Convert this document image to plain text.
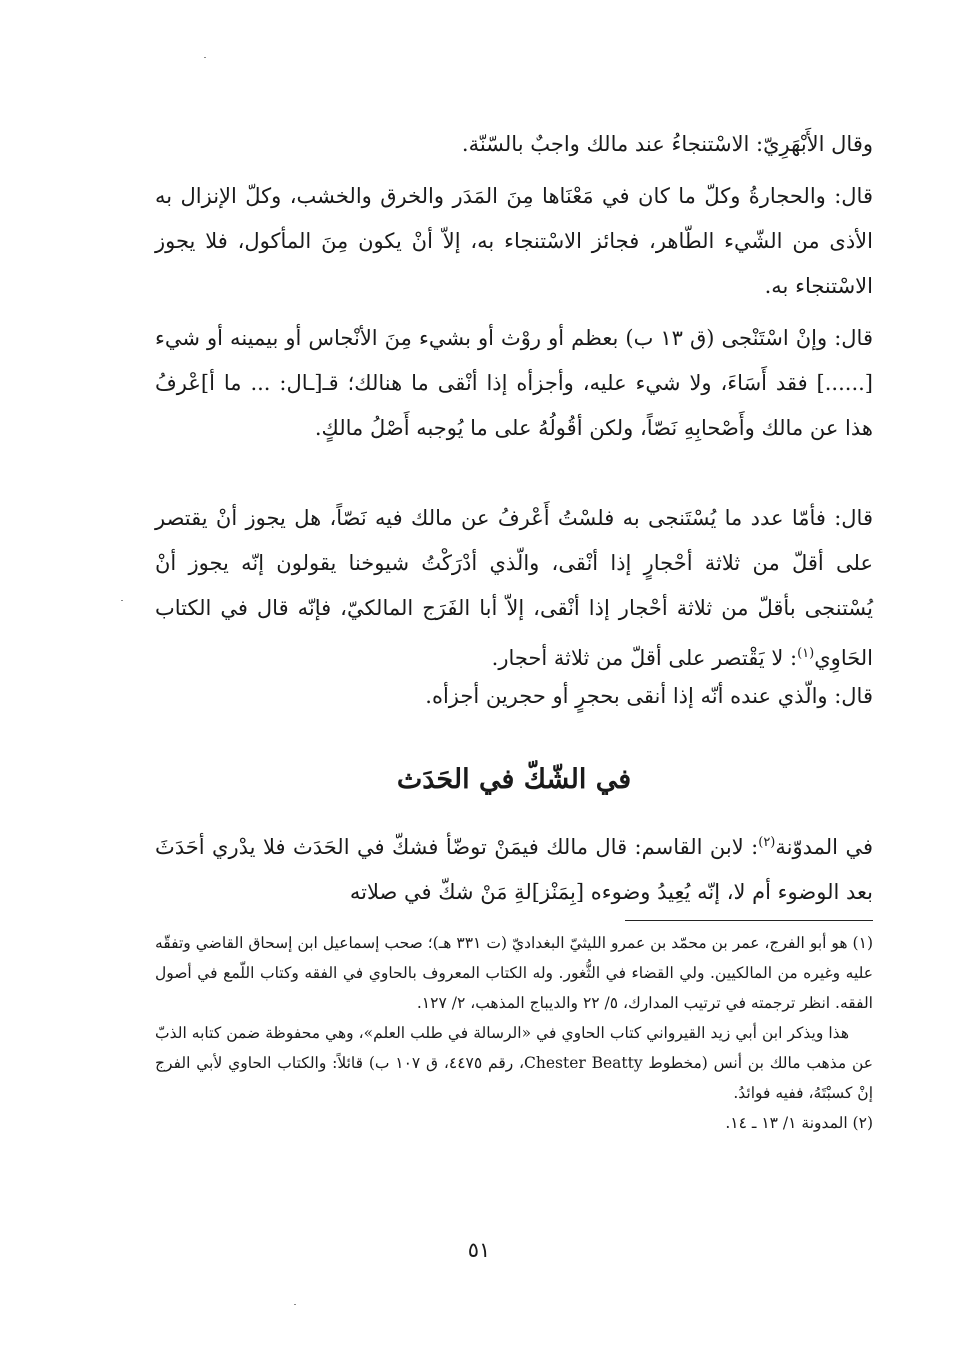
وقال الأَبْهَرِيّ: الاسْتنجاءُ عند مالك واجبٌ بالسّنّة.
قال: والحجارةُ وكلّ ما كان في مَعْنَاها مِنَ المَدَر والخرق والخشب، وكلّ الإنزال به الأذى من الشّيء الطّاهر، فجائز الاسْتنجاء به، إلاّ أنْ يكون مِنَ المأكول، فلا يجوز الاسْتنجاء به.
قال: وإنْ اسْتَنْجى (ق ١٣ ب) بعظم أو روْث أو بشيء مِنَ الأنْجاس أو بيمينه أو شيء [......] فقد أَسَاءَ، ولا شيء عليه، وأجزأه إذا أنْقى ما هنالك؛ قـ[ـال: ... ما أ]عْرفُ هذا عن مالك وأَصْحابِهِ نَصّاً، ولكن أقُولُهُ على ما يُوجبه أَصْلُ مالكٍ.
قال: فأمّا عدد ما يُسْتَنجى به فلسْتُ أَعْرفُ عن مالك فيه نَصّاً، هل يجوز أنْ يقتصر على أقلّ من ثلاثة أحْجارٍ إذا أنْقى، والّذي أدْرَكْتُ شيوخنا يقولون إنّه يجوز أنْ يُسْتنجى بأقلّ من ثلاثة أحْجار إذا أنْقى، إلاّ أبا الفَرَج المالكيّ، فإنّه قال في الكتاب الحَاوِي$^{(١)}$: لا يَقْتصر على أقلّ من ثلاثة أحجار.
قال: والّذي عنده أنّه إذا أنقى بحجرٍ أو حجرين أجزأه.
في الشّكّ في الحَدَث
في المدوّنة$^{(٢)}$: لابن القاسم: قال مالك فيمَنْ توضّأ فشكّ في الحَدَث فلا يدْري أحَدَثَ بعد الوضوء أم لا، إنّه يُعِيدُ وضوءه [بِمَنْز]لةِ مَنْ شكّ في صلاته

(١) هو أبو الفرج، عمر بن محمّد بن عمرو الليثيّ البغداديّ (ت ٣٣١ هـ)؛ صحب إسماعيل ابن إسحاق القاضي وتفقّه عليه وغيره من المالكيين. ولي القضاء في الثُّغور. وله الكتاب المعروف بالحاوي في الفقه وكتاب اللّمع في أصول الفقه. انظر ترجمته في ترتيب المدارك، ٥/ ٢٢ والديباج المذهب، ٢/ ١٢٧.

هذا ويذكر ابن أبي زيد القيرواني كتاب الحاوي في «الرسالة في طلب العلم»، وهي محفوظة ضمن كتابه الذبّ عن مذهب مالك بن أنس (مخطوط Chester Beatty، رقم ٤٤٧٥، ق ١٠٧ ب) قائلاً: والكتاب الحاوي لأبي الفرج إنْ كسبْتَهُ، ففيه فوائدُ.

(٢) المدونة ١/ ١٣ ـ ١٤.

٥١
